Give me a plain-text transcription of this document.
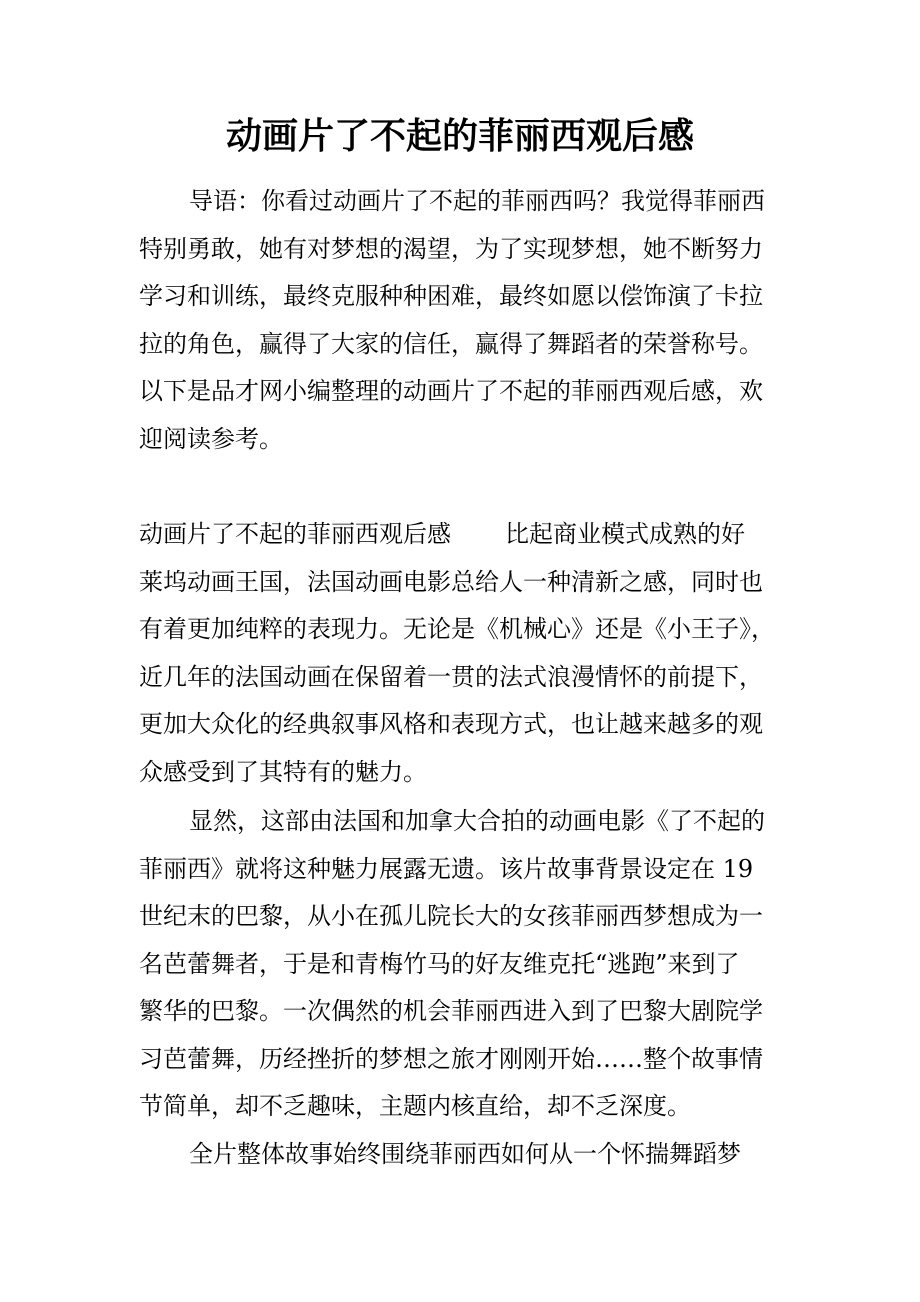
动画片了不起的菲丽西观后感
导语：你看过动画片了不起的菲丽西吗？我觉得菲丽西
特别勇敢，她有对梦想的渴望，为了实现梦想，她不断努力
学习和训练，最终克服种种困难，最终如愿以偿饰演了卡拉
拉的角色，赢得了大家的信任，赢得了舞蹈者的荣誉称号。
以下是品才网小编整理的动画片了不起的菲丽西观后感，欢
迎阅读参考。
动画片了不起的菲丽西观后感 比起商业模式成熟的好
莱坞动画王国，法国动画电影总给人一种清新之感，同时也
有着更加纯粹的表现力。无论是《机械心》还是《小王子》，
近几年的法国动画在保留着一贯的法式浪漫情怀的前提下，
更加大众化的经典叙事风格和表现方式，也让越来越多的观
众感受到了其特有的魅力。
显然，这部由法国和加拿大合拍的动画电影《了不起的
菲丽西》就将这种魅力展露无遗。该片故事背景设定在 19
世纪末的巴黎，从小在孤儿院长大的女孩菲丽西梦想成为一
名芭蕾舞者，于是和青梅竹马的好友维克托“逃跑”来到了
繁华的巴黎。一次偶然的机会菲丽西进入到了巴黎大剧院学
习芭蕾舞，历经挫折的梦想之旅才刚刚开始……整个故事情
节简单，却不乏趣味，主题内核直给，却不乏深度。
全片整体故事始终围绕菲丽西如何从一个怀揣舞蹈梦
